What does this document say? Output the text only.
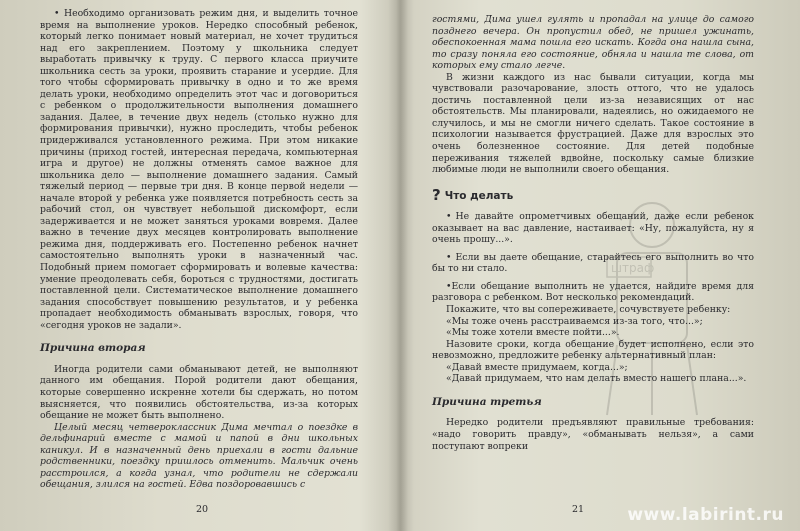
• Необходимо организовать режим дня, и выделить точное время на выполнение уроков. Нередко способный ребенок, который легко понимает новый материал, не хочет трудиться над его закреплением. Поэтому у школьника следует выработать привычку к труду. С первого класса приучите школьника сесть за уроки, проявить старание и усердие. Для того чтобы сформировать привычку в одно и то же время делать уроки, необходимо определить этот час и договориться с ребенком о продолжительности выполнения домашнего задания. Далее, в течение двух недель (столько нужно для формирования привычки), нужно проследить, чтобы ребенок придерживался установленного режима. При этом никакие причины (приход гостей, интересная передача, компьютерная игра и другое) не должны отменять самое важное для школьника дело — выполнение домашнего задания. Самый тяжелый период — первые три дня. В конце первой недели — начале второй у ребенка уже появляется потребность сесть за рабочий стол, он чувствует небольшой дискомфорт, если задерживается и не может заняться уроками вовремя. Далее важно в течение двух месяцев контролировать выполнение режима дня, поддерживать его. Постепенно ребенок начнет самостоятельно выполнять уроки в назначенный час. Подобный прием помогает сформировать и волевые качества: умение преодолевать себя, бороться с трудностями, достигать поставленной цели. Систематическое выполнение домашнего задания способствует повышению результатов, и у ребенка пропадает необходимость обманывать взрослых, говоря, что «сегодня уроков не задали».

Причина вторая

Иногда родители сами обманывают детей, не выполняют данного им обещания. Порой родители дают обещания, которые совершенно искренне хотели бы сдержать, но потом выясняется, что появились обстоятельства, из-за которых обещание не может быть выполнено.

Целый месяц четвероклассник Дима мечтал о поездке в дельфинарий вместе с мамой и папой в дни школьных каникул. И в назначенный день приехали в гости дальние родственники, поездку пришлось отменить. Мальчик очень расстроился, а когда узнал, что родители не сдержали обещания, злился на гостей. Едва поздоровавшись с

20
штраф

гостями, Дима ушел гулять и пропадал на улице до самого позднего вечера. Он пропустил обед, не пришел ужинать, обеспокоенная мама пошла его искать. Когда она нашла сына, то сразу поняла его состояние, обняла и нашла те слова, от которых ему стало легче.

В жизни каждого из нас бывали ситуации, когда мы чувствовали разочарование, злость оттого, что не удалось достичь поставленной цели из-за независящих от нас обстоятельств. Мы планировали, надеялись, но ожидаемого не случилось, и мы не смогли ничего сделать. Такое состояние в психологии называется фрустрацией. Даже для взрослых это очень болезненное состояние. Для детей подобные переживания тяжелей вдвойне, поскольку самые близкие любимые люди не выполнили своего обещания.

? Что делать

• Не давайте опрометчивых обещаний, даже если ребенок оказывает на вас давление, настаивает: «Ну, пожалуйста, ну я очень прошу...».

• Если вы даете обещание, старайтесь его выполнить во что бы то ни стало.

•Если обещание выполнить не удается, найдите время для разговора с ребенком. Вот несколько рекомендаций.

Покажите, что вы сопереживаете, сочувствуете ребенку:

«Мы тоже очень расстраиваемся из-за того, что...»;

«Мы тоже хотели вместе пойти...».

Назовите сроки, когда обещание будет исполнено, если это невозможно, предложите ребенку альтернативный план:

«Давай вместе придумаем, когда...»;

«Давай придумаем, что нам делать вместо нашего плана...».

Причина третья

Нередко родители предъявляют правильные требования: «надо говорить правду», «обманывать нельзя», а сами поступают вопреки

21	www.labirint.ru
